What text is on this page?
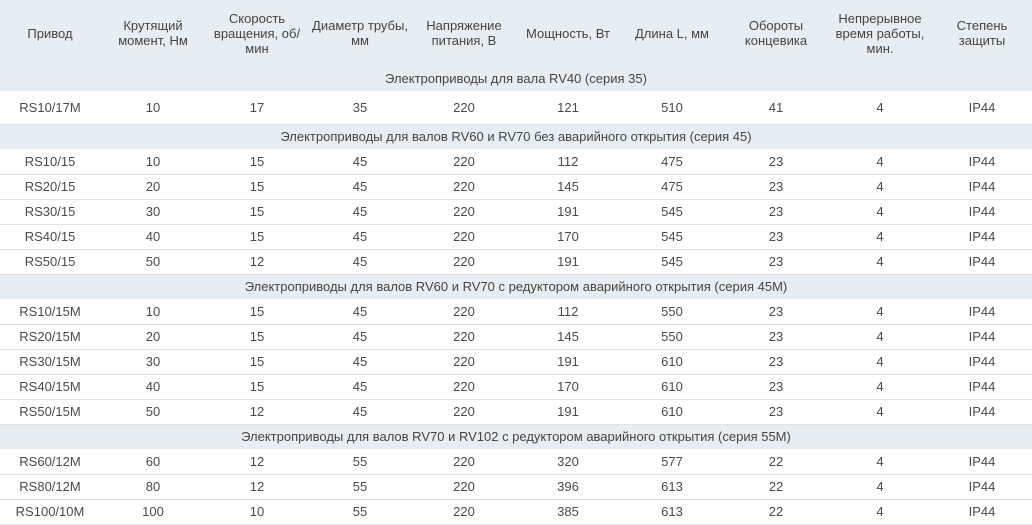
Привод	Крутящий момент, Нм	Скорость вращения, об/мин	Диаметр трубы, мм	Напряжение питания, В	Мощность, Вт	Длина L, мм	Обороты концевика	Непрерывное время работы, мин.	Степень защиты
Электроприводы для вала RV40 (серия 35)									
RS10/17M	10	17	35	220	121	510	41	4	IP44
Электроприводы для валов RV60 и RV70 без аварийного открытия (серия 45)									
RS10/15	10	15	45	220	112	475	23	4	IP44
RS20/15	20	15	45	220	145	475	23	4	IP44
RS30/15	30	15	45	220	191	545	23	4	IP44
RS40/15	40	15	45	220	170	545	23	4	IP44
RS50/15	50	12	45	220	191	545	23	4	IP44
Электроприводы для валов RV60 и RV70 с редуктором аварийного открытия (серия 45M)									
RS10/15M	10	15	45	220	112	550	23	4	IP44
RS20/15M	20	15	45	220	145	550	23	4	IP44
RS30/15M	30	15	45	220	191	610	23	4	IP44
RS40/15M	40	15	45	220	170	610	23	4	IP44
RS50/15M	50	12	45	220	191	610	23	4	IP44
Электроприводы для валов RV70 и RV102 с редуктором аварийного открытия (серия 55M)									
RS60/12M	60	12	55	220	320	577	22	4	IP44
RS80/12M	80	12	55	220	396	613	22	4	IP44
RS100/10M	100	10	55	220	385	613	22	4	IP44
